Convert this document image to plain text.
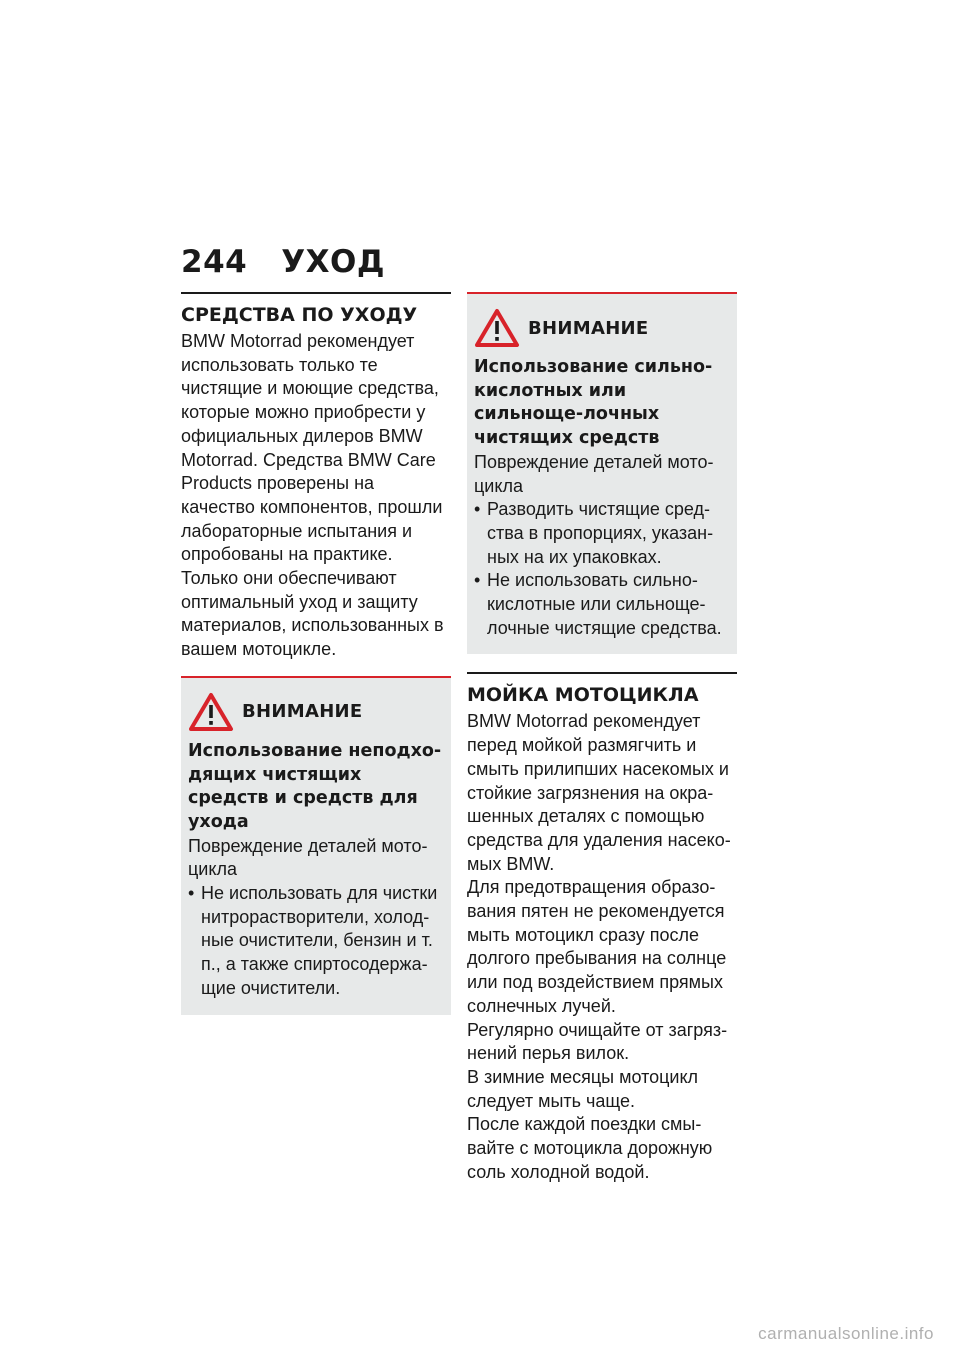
244 УХОД
СРЕДСТВА ПО УХОДУ

BMW Motorrad рекомендует использовать только те чистящие и моющие средства, которые можно приобрести у официальных дилеров BMW Motorrad. Средства BMW Care Products проверены на качество компонентов, прошли лабораторные испытания и опробованы на практике. Только они обеспечивают оптимальный уход и защиту материалов, использованных в вашем мотоцикле.

ВНИМАНИЕ

Использование неподхо-дящих чистящих средств и средств для ухода

Повреждение деталей мото-цикла

• Не использовать для чистки нитрорастворители, холод-ные очистители, бензин и т. п., а также спиртосодержа-щие очистители.
ВНИМАНИЕ

Использование сильно-кислотных или сильноще-лочных чистящих средств

Повреждение деталей мото-цикла

• Разводить чистящие сред-ства в пропорциях, указан-ных на их упаковках.
• Не использовать сильно-кислотные или сильноще-лочные чистящие средства.
МОЙКА МОТОЦИКЛА

BMW Motorrad рекомендует перед мойкой размягчить и смыть прилипших насекомых и стойкие загрязнения на окра-шенных деталях с помощью средства для удаления насеко-мых BMW.

Для предотвращения образо-вания пятен не рекомендуется мыть мотоцикл сразу после долгого пребывания на солнце или под воздействием прямых солнечных лучей.

Регулярно очищайте от загряз-нений перья вилок.

В зимние месяцы мотоцикл следует мыть чаще.

После каждой поездки смы-вайте с мотоцикла дорожную соль холодной водой.

carmanualsonline.info
